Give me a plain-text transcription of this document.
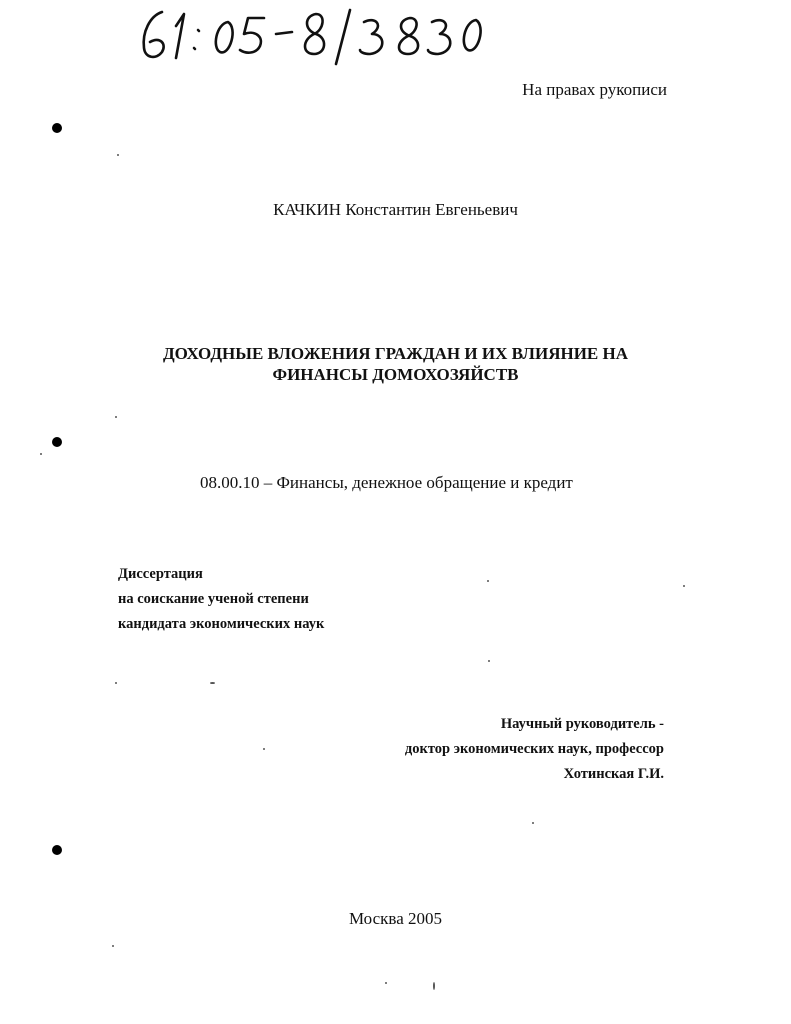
На правах рукописи

КАЧКИН Константин Евгеньевич

ДОХОДНЫЕ ВЛОЖЕНИЯ ГРАЖДАН И ИХ ВЛИЯНИЕ НА
ФИНАНСЫ ДОМОХОЗЯЙСТВ

08.00.10 – Финансы, денежное обращение и кредит

Диссертация
на соискание ученой степени
кандидата экономических наук

Научный руководитель -
доктор экономических наук, профессор
Хотинская Г.И.

Москва 2005
